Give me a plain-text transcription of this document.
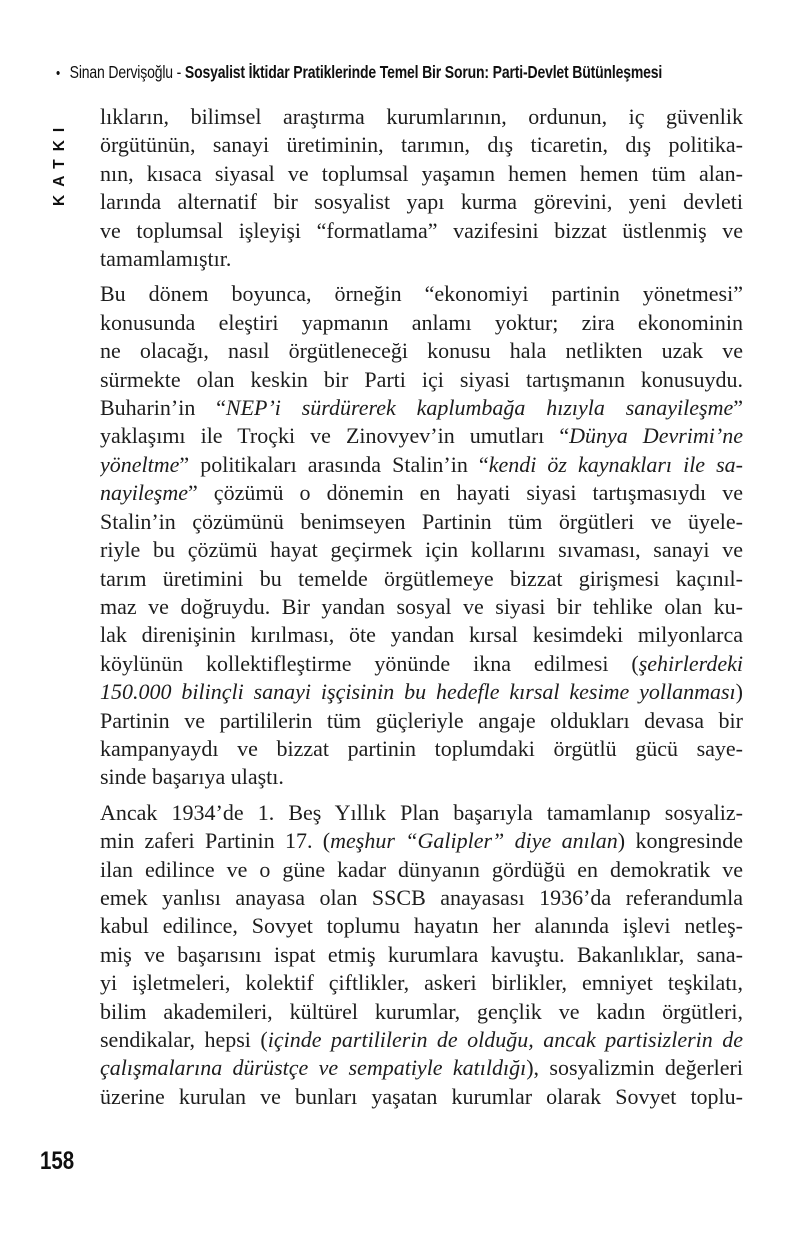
• Sinan Dervişoğlu - Sosyalist İktidar Pratiklerinde Temel Bir Sorun: Parti-Devlet Bütünleşmesi
KATKI
lıkların, bilimsel araştırma kurumlarının, ordunun, iç güvenlik
örgütünün, sanayi üretiminin, tarımın, dış ticaretin, dış politika-
nın, kısaca siyasal ve toplumsal yaşamın hemen hemen tüm alan-
larında alternatif bir sosyalist yapı kurma görevini, yeni devleti
ve toplumsal işleyişi “formatlama” vazifesini bizzat üstlenmiş ve
tamamlamıştır.
Bu dönem boyunca, örneğin “ekonomiyi partinin yönetmesi”
konusunda eleştiri yapmanın anlamı yoktur; zira ekonominin
ne olacağı, nasıl örgütleneceği konusu hala netlikten uzak ve
sürmekte olan keskin bir Parti içi siyasi tartışmanın konusuydu.
Buharin’in “NEP’i sürdürerek kaplumbağa hızıyla sanayileşme”
yaklaşımı ile Troçki ve Zinovyev’in umutları “Dünya Devrimi’ne
yöneltme” politikaları arasında Stalin’in “kendi öz kaynakları ile sa-
nayileşme” çözümü o dönemin en hayati siyasi tartışmasıydı ve
Stalin’in çözümünü benimseyen Partinin tüm örgütleri ve üyele-
riyle bu çözümü hayat geçirmek için kollarını sıvaması, sanayi ve
tarım üretimini bu temelde örgütlemeye bizzat girişmesi kaçınıl-
maz ve doğruydu. Bir yandan sosyal ve siyasi bir tehlike olan ku-
lak direnişinin kırılması, öte yandan kırsal kesimdeki milyonlarca
köylünün kollektifleştirme yönünde ikna edilmesi (şehirlerdeki
150.000 bilinçli sanayi işçisinin bu hedefle kırsal kesime yollanması)
Partinin ve partililerin tüm güçleriyle angaje oldukları devasa bir
kampanyaydı ve bizzat partinin toplumdaki örgütlü gücü saye-
sinde başarıya ulaştı.
Ancak 1934’de 1. Beş Yıllık Plan başarıyla tamamlanıp sosyaliz-
min zaferi Partinin 17. (meşhur “Galipler” diye anılan) kongresinde
ilan edilince ve o güne kadar dünyanın gördüğü en demokratik ve
emek yanlısı anayasa olan SSCB anayasası 1936’da referandumla
kabul edilince, Sovyet toplumu hayatın her alanında işlevi netleş-
miş ve başarısını ispat etmiş kurumlara kavuştu. Bakanlıklar, sana-
yi işletmeleri, kolektif çiftlikler, askeri birlikler, emniyet teşkilatı,
bilim akademileri, kültürel kurumlar, gençlik ve kadın örgütleri,
sendikalar, hepsi (içinde partililerin de olduğu, ancak partisizlerin de
çalışmalarına dürüstçe ve sempatiyle katıldığı), sosyalizmin değerleri
üzerine kurulan ve bunları yaşatan kurumlar olarak Sovyet toplu-
158
